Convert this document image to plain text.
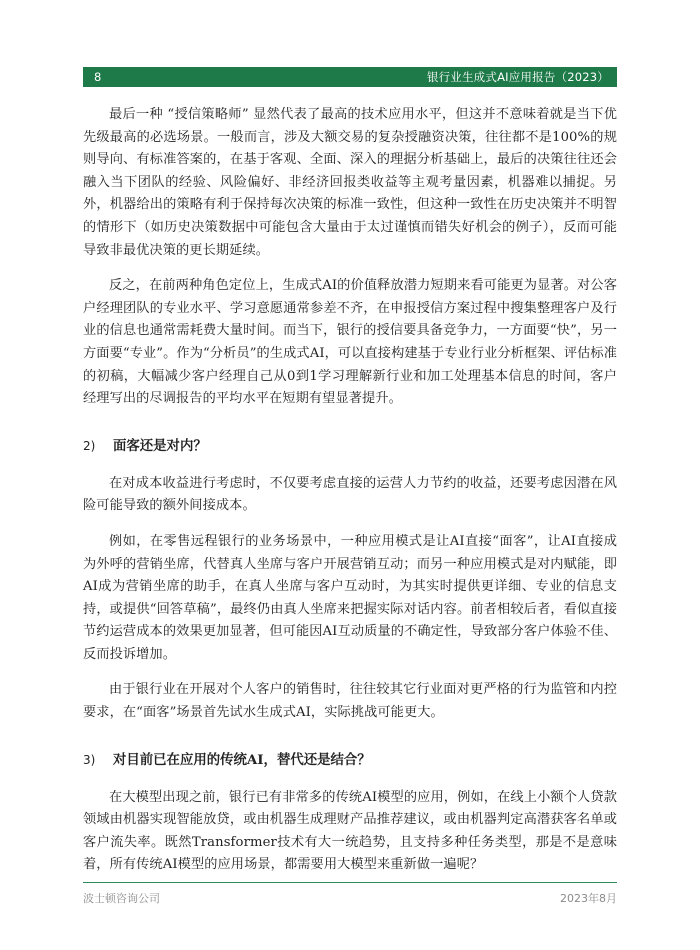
8	银行业生成式AI应用报告（2023）

最后一种 “授信策略师” 显然代表了最高的技术应用水平，但这并不意味着就是当下优先级最高的必选场景。一般而言，涉及大额交易的复杂授融资决策，往往都不是100%的规则导向、有标准答案的，在基于客观、全面、深入的理据分析基础上，最后的决策往往还会融入当下团队的经验、风险偏好、非经济回报类收益等主观考量因素，机器难以捕捉。另外，机器给出的策略有利于保持每次决策的标准一致性，但这种一致性在历史决策并不明智的情形下（如历史决策数据中可能包含大量由于太过谨慎而错失好机会的例子），反而可能导致非最优决策的更长期延续。

反之，在前两种角色定位上，生成式AI的价值释放潜力短期来看可能更为显著。对公客户经理团队的专业水平、学习意愿通常参差不齐，在申报授信方案过程中搜集整理客户及行业的信息也通常需耗费大量时间。而当下，银行的授信要具备竞争力，一方面要“快”，另一方面要“专业”。作为“分析员”的生成式AI，可以直接构建基于专业行业分析框架、评估标准的初稿，大幅减少客户经理自己从0到1学习理解新行业和加工处理基本信息的时间，客户经理写出的尽调报告的平均水平在短期有望显著提升。

2)	面客还是对内？

在对成本收益进行考虑时，不仅要考虑直接的运营人力节约的收益，还要考虑因潜在风险可能导致的额外间接成本。

例如，在零售远程银行的业务场景中，一种应用模式是让AI直接“面客”，让AI直接成为外呼的营销坐席，代替真人坐席与客户开展营销互动；而另一种应用模式是对内赋能，即AI成为营销坐席的助手，在真人坐席与客户互动时，为其实时提供更详细、专业的信息支持，或提供“回答草稿”，最终仍由真人坐席来把握实际对话内容。前者相较后者，看似直接节约运营成本的效果更加显著，但可能因AI互动质量的不确定性，导致部分客户体验不佳、反而投诉增加。

由于银行业在开展对个人客户的销售时，往往较其它行业面对更严格的行为监管和内控要求，在“面客”场景首先试水生成式AI，实际挑战可能更大。

3)	对目前已在应用的传统AI，替代还是结合？

在大模型出现之前，银行已有非常多的传统AI模型的应用，例如，在线上小额个人贷款领域由机器实现智能放贷，或由机器生成理财产品推荐建议，或由机器判定高潜获客名单或客户流失率。既然Transformer技术有大一统趋势，且支持多种任务类型，那是不是意味着，所有传统AI模型的应用场景，都需要用大模型来重新做一遍呢？

波士顿咨询公司	2023年8月
